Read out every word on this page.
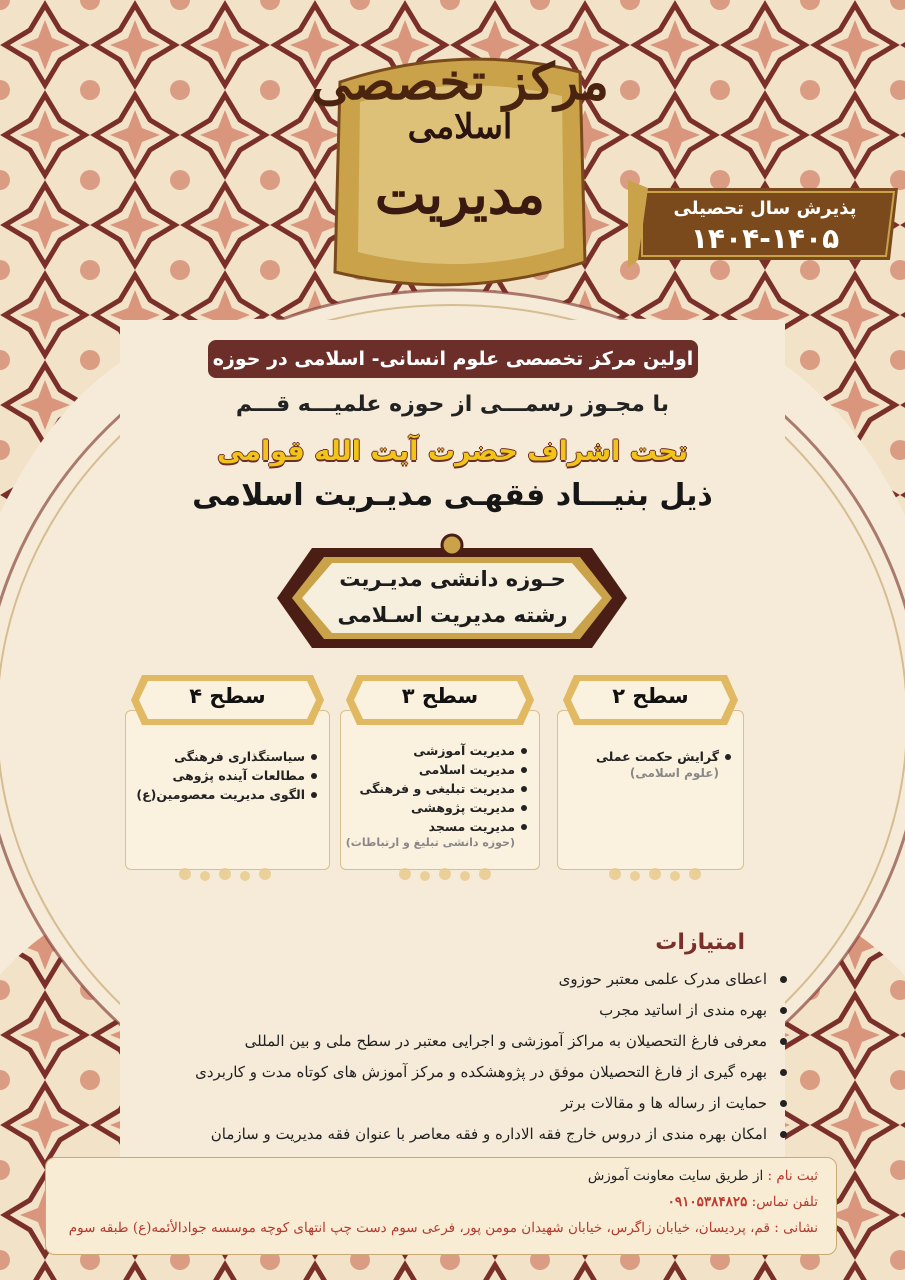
مرکز تخصصی
اسلامی
مدیریت	پذیرش سال تحصیلی
۱۴۰۴-۱۴۰۵
اولین مرکز تخصصی علوم انسانی- اسلامی در حوزه
با مجـوز رسمـــی از حوزه علمیـــه قـــم
تحت اشراف حضرت آیت الله قوامی
ذیل بنیـــاد فقهـی مدیـریت اسلامی
حـوزه دانشی مدیـریت
رشته مدیریت اسـلامی
سطح ۲
گرایش حکمت عملی
(علوم اسلامی)
سطح ۳
مدیریت آموزشی
مدیریت اسلامی
مدیریت تبلیغی و فرهنگی
مدیریت پژوهشی
مدیریت مسجد
(حوزه دانشی تبلیغ و ارتباطات)
سطح ۴
سیاستگذاری فرهنگی
مطالعات آینده پژوهی
الگوی مدیریت معصومین(ع)
امتیازات
اعطای مدرک علمی معتبر حوزوی
بهره مندی از اساتید مجرب
معرفی فارغ التحصیلان به مراکز آموزشی و اجرایی معتبر در سطح ملی و بین المللی
بهره گیری از فارغ التحصیلان موفق در پژوهشکده و مرکز آموزش های کوتاه مدت و کاربردی
حمایت از رساله ها و مقالات برتر
امکان بهره مندی از دروس خارج فقه الاداره و فقه معاصر با عنوان فقه مدیریت و سازمان
ثبت نام : از طریق سایت معاونت آموزش
تلفن تماس: ۰۹۱۰۵۳۸۴۸۲۵
نشانی : قم، پردیسان، خیابان زاگرس، خیابان شهیدان مومن پور، فرعی سوم دست چپ انتهای کوچه موسسه جوادالأئمه(ع) طبقه سوم
